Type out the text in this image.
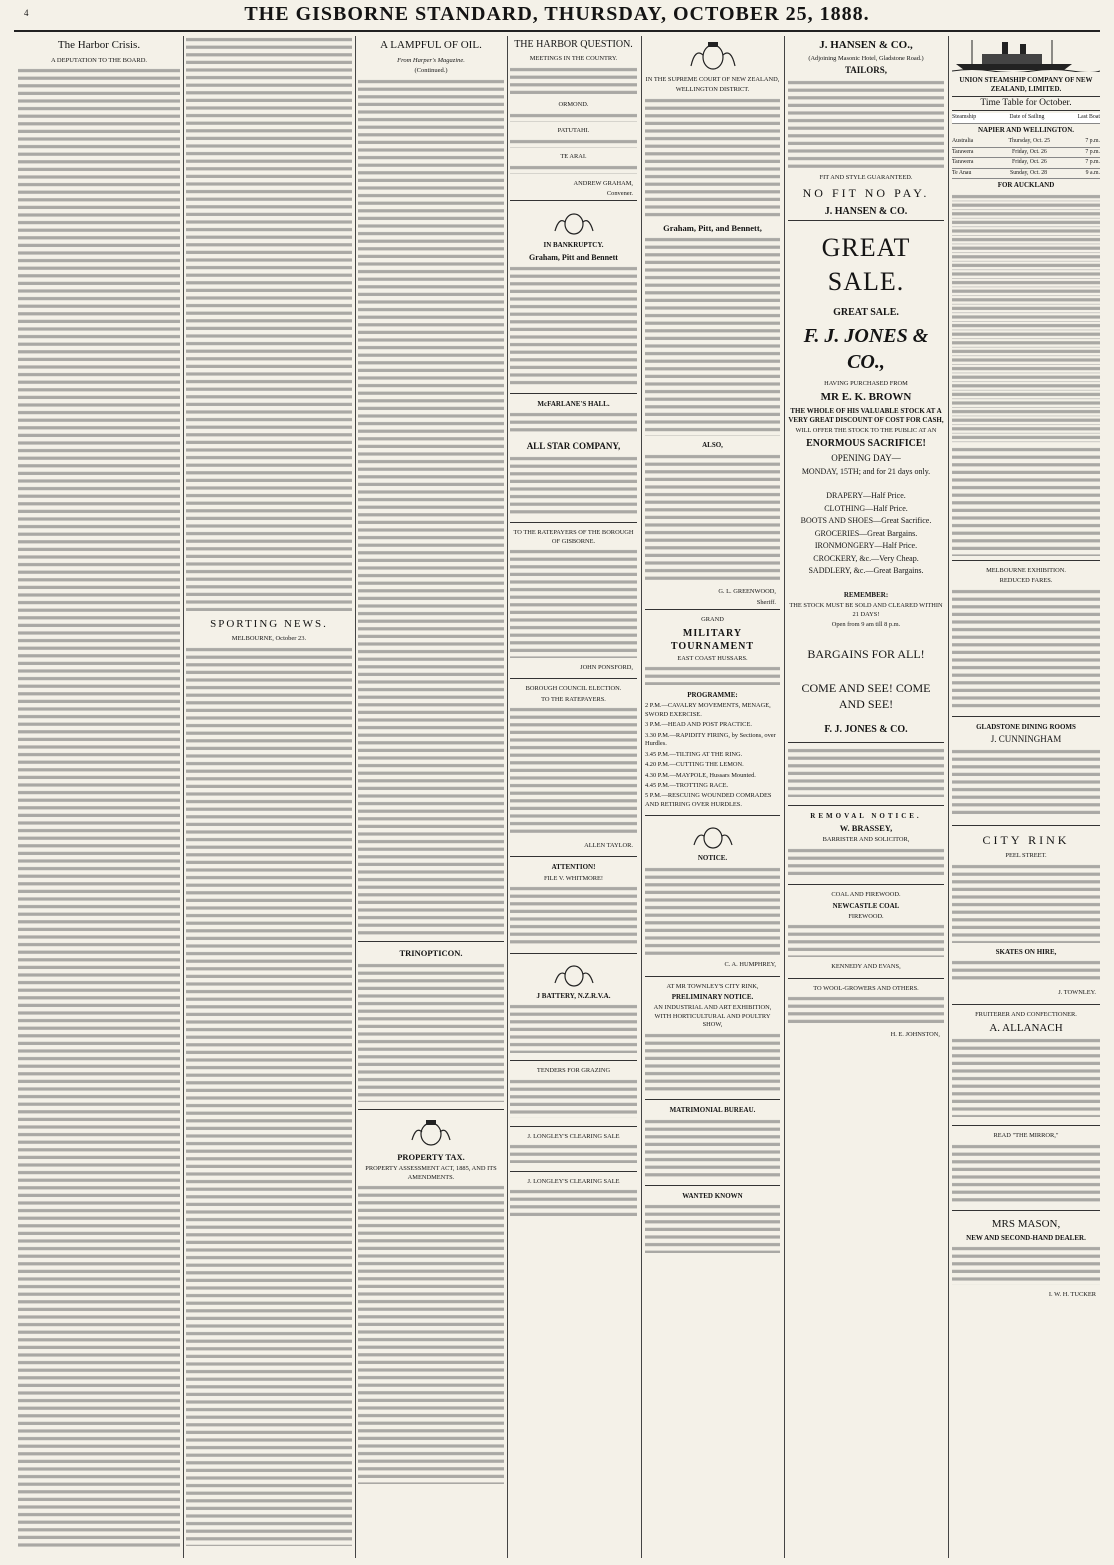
4	THE GISBORNE STANDARD, THURSDAY, OCTOBER 25, 1888.
The Harbor Crisis.
A DEPUTATION TO THE BOARD.
SPORTING NEWS.
MELBOURNE, October 23.
A LAMPFUL OF OIL.
From Harper's Magazine.
(Continued.)
TRINOPTICON.
PROPERTY TAX.
PROPERTY ASSESSMENT ACT, 1885, AND ITS AMENDMENTS.
THE HARBOR QUESTION.
MEETINGS IN THE COUNTRY.
ORMOND.
PATUTAHI.
TE ARAI.
ANDREW GRAHAM,
Convener.
IN BANKRUPTCY.
Graham, Pitt and Bennett
McFARLANE'S HALL.
ALL STAR COMPANY,
TO THE RATEPAYERS OF THE BOROUGH OF GISBORNE.
JOHN PONSFORD,
BOROUGH COUNCIL ELECTION.
TO THE RATEPAYERS.
ALLEN TAYLOR.
ATTENTION!
FILE V. WHITMORE!
J BATTERY, N.Z.R.V.A.
TENDERS FOR GRAZING
J. LONGLEY'S CLEARING SALE
J. LONGLEY'S CLEARING SALE
IN THE SUPREME COURT OF NEW ZEALAND,
WELLINGTON DISTRICT.
Graham, Pitt, and Bennett,
ALSO,
G. L. GREENWOOD,
Sheriff.
GRAND
MILITARY TOURNAMENT
EAST COAST HUSSARS.
PROGRAMME:
2 P.M.—CAVALRY MOVEMENTS, MENAGE, SWORD EXERCISE.
3 P.M.—HEAD AND POST PRACTICE.
3.30 P.M.—RAPIDITY FIRING, by Sections, over Hurdles.
3.45 P.M.—TILTING AT THE RING.
4.20 P.M.—CUTTING THE LEMON.
4.30 P.M.—MAYPOLE, Hussars Mounted.
4.45 P.M.—TROTTING RACE.
5 P.M.—RESCUING WOUNDED COMRADES AND RETIRING OVER HURDLES.
NOTICE.
C. A. HUMPHREY,
AT MR TOWNLEY'S CITY RINK,
PRELIMINARY NOTICE.
AN INDUSTRIAL AND ART EXHIBITION, WITH HORTICULTURAL AND POULTRY SHOW,
MATRIMONIAL BUREAU.
WANTED KNOWN
J. HANSEN & CO.,
(Adjoining Masonic Hotel, Gladstone Road.)
TAILORS,
FIT AND STYLE GUARANTEED.
NO FIT NO PAY.
J. HANSEN & CO.
GREAT SALE.
GREAT SALE.
F. J. JONES & CO.,
HAVING PURCHASED FROM
MR E. K. BROWN
THE WHOLE OF HIS VALUABLE STOCK AT A VERY GREAT DISCOUNT OF COST FOR CASH,
WILL OFFER THE STOCK TO THE PUBLIC AT AN
ENORMOUS SACRIFICE!
OPENING DAY—
MONDAY, 15TH; and for 21 days only.
DRAPERY—Half Price.
CLOTHING—Half Price.
BOOTS AND SHOES—Great Sacrifice.
GROCERIES—Great Bargains.
IRONMONGERY—Half Price.
CROCKERY, &c.—Very Cheap.
SADDLERY, &c.—Great Bargains.
REMEMBER:
THE STOCK MUST BE SOLD AND CLEARED WITHIN 21 DAYS!
Open from 9 am till 8 p.m.
BARGAINS FOR ALL!
COME AND SEE! COME AND SEE!
F. J. JONES & CO.
REMOVAL NOTICE.
W. BRASSEY,
BARRISTER AND SOLICITOR,
COAL AND FIREWOOD.
NEWCASTLE COAL
FIREWOOD.
KENNEDY AND EVANS,
TO WOOL-GROWERS AND OTHERS.
H. E. JOHNSTON,
UNION STEAMSHIP COMPANY OF NEW ZEALAND, LIMITED.
Time Table for October.
Steamship	Date of Sailing	Last Boat
NAPIER AND WELLINGTON.
Australia	Thursday, Oct. 25	7 p.m.
Tarawera	Friday, Oct. 26	7 p.m.
Tarawera	Friday, Oct. 26	7 p.m.
Te Anau	Sunday, Oct. 28	9 a.m.
FOR AUCKLAND

MELBOURNE EXHIBITION.
REDUCED FARES.
GLADSTONE DINING ROOMS
J. CUNNINGHAM
CITY RINK
PEEL STREET.
SKATES ON HIRE,
J. TOWNLEY.
FRUITERER AND CONFECTIONER.
A. ALLANACH
READ "THE MIRROR,"
MRS MASON,
NEW AND SECOND-HAND DEALER.
I. W. H. TUCKER
